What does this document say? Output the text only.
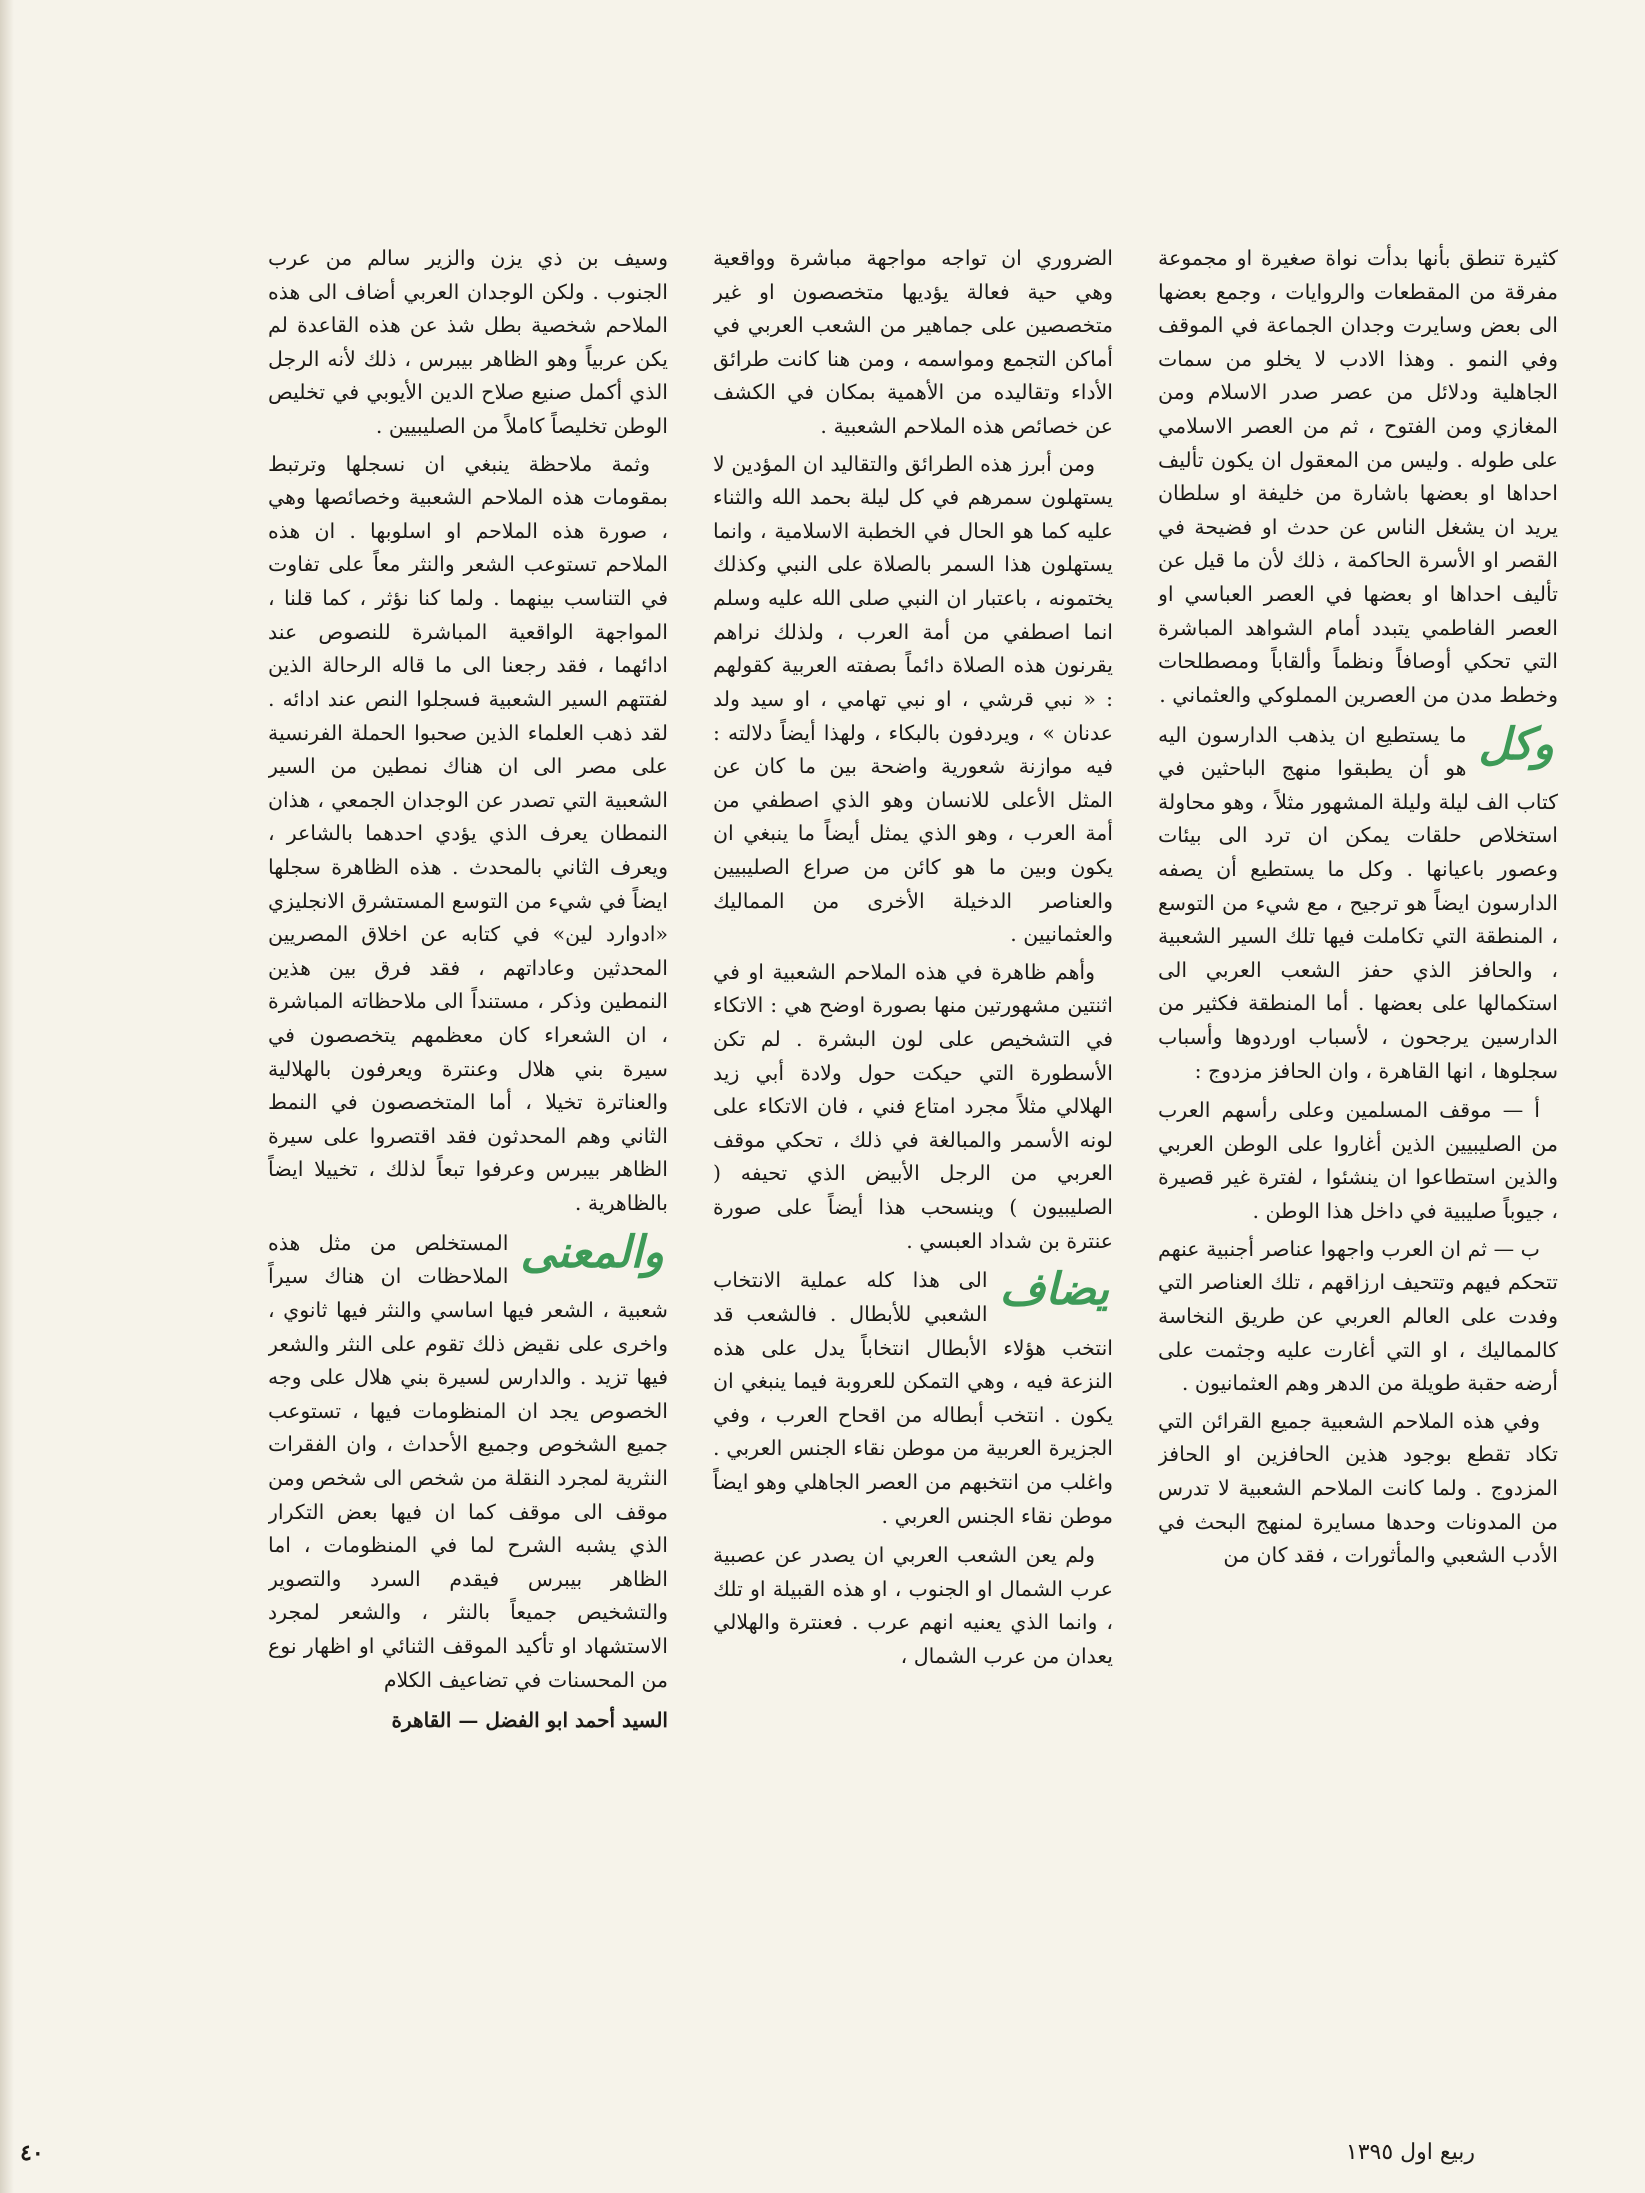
كثيرة تنطق بأنها بدأت نواة صغيرة او مجموعة مفرقة من المقطعات والروايات ، وجمع بعضها الى بعض وسايرت وجدان الجماعة في الموقف وفي النمو . وهذا الادب لا يخلو من سمات الجاهلية ودلائل من عصر صدر الاسلام ومن المغازي ومن الفتوح ، ثم من العصر الاسلامي على طوله . وليس من المعقول ان يكون تأليف احداها او بعضها باشارة من خليفة او سلطان يريد ان يشغل الناس عن حدث او فضيحة في القصر او الأسرة الحاكمة ، ذلك لأن ما قيل عن تأليف احداها او بعضها في العصر العباسي او العصر الفاطمي يتبدد أمام الشواهد المباشرة التي تحكي أوصافاً ونظماً وألقاباً ومصطلحات وخطط مدن من العصرين المملوكي والعثماني .

وكل
ما يستطيع ان يذهب الدارسون اليه هو أن يطبقوا منهج الباحثين في كتاب الف ليلة وليلة المشهور مثلاً ، وهو محاولة استخلاص حلقات يمكن ان ترد الى بيئات وعصور باعيانها . وكل ما يستطيع أن يصفه الدارسون ايضاً هو ترجيح ، مع شيء من التوسع ، المنطقة التي تكاملت فيها تلك السير الشعبية ، والحافز الذي حفز الشعب العربي الى استكمالها على بعضها . أما المنطقة فكثير من الدارسين يرجحون ، لأسباب اوردوها وأسباب سجلوها ، انها القاهرة ، وان الحافز مزدوج :

أ — موقف المسلمين وعلى رأسهم العرب من الصليبيين الذين أغاروا على الوطن العربي والذين استطاعوا ان ينشئوا ، لفترة غير قصيرة ، جيوباً صليبية في داخل هذا الوطن .

ب — ثم ان العرب واجهوا عناصر أجنبية عنهم تتحكم فيهم وتتحيف ارزاقهم ، تلك العناصر التي وفدت على العالم العربي عن طريق النخاسة كالمماليك ، او التي أغارت عليه وجثمت على أرضه حقبة طويلة من الدهر وهم العثمانيون .

وفي هذه الملاحم الشعبية جميع القرائن التي تكاد تقطع بوجود هذين الحافزين او الحافز المزدوج . ولما كانت الملاحم الشعبية لا تدرس من المدونات وحدها مسايرة لمنهج البحث في الأدب الشعبي والمأثورات ، فقد كان من

الضروري ان تواجه مواجهة مباشرة وواقعية وهي حية فعالة يؤديها متخصصون او غير متخصصين على جماهير من الشعب العربي في أماكن التجمع ومواسمه ، ومن هنا كانت طرائق الأداء وتقاليده من الأهمية بمكان في الكشف عن خصائص هذه الملاحم الشعبية .

ومن أبرز هذه الطرائق والتقاليد ان المؤدين لا يستهلون سمرهم في كل ليلة بحمد الله والثناء عليه كما هو الحال في الخطبة الاسلامية ، وانما يستهلون هذا السمر بالصلاة على النبي وكذلك يختمونه ، باعتبار ان النبي صلى الله عليه وسلم انما اصطفي من أمة العرب ، ولذلك نراهم يقرنون هذه الصلاة دائماً بصفته العربية كقولهم : « نبي قرشي ، او نبي تهامي ، او سيد ولد عدنان » ، ويردفون بالبكاء ، ولهذا أيضاً دلالته : فيه موازنة شعورية واضحة بين ما كان عن المثل الأعلى للانسان وهو الذي اصطفي من أمة العرب ، وهو الذي يمثل أيضاً ما ينبغي ان يكون وبين ما هو كائن من صراع الصليبيين والعناصر الدخيلة الأخرى من المماليك والعثمانيين .

وأهم ظاهرة في هذه الملاحم الشعبية او في اثنتين مشهورتين منها بصورة اوضح هي : الاتكاء في التشخيص على لون البشرة . لم تكن الأسطورة التي حيكت حول ولادة أبي زيد الهلالي مثلاً مجرد امتاع فني ، فان الاتكاء على لونه الأسمر والمبالغة في ذلك ، تحكي موقف العربي من الرجل الأبيض الذي تحيفه ( الصليبيون ) وينسحب هذا أيضاً على صورة عنترة بن شداد العبسي .

يضاف
الى هذا كله عملية الانتخاب الشعبي للأبطال . فالشعب قد انتخب هؤلاء الأبطال انتخاباً يدل على هذه النزعة فيه ، وهي التمكن للعروبة فيما ينبغي ان يكون . انتخب أبطاله من اقحاح العرب ، وفي الجزيرة العربية من موطن نقاء الجنس العربي . واغلب من انتخبهم من العصر الجاهلي وهو ايضاً موطن نقاء الجنس العربي .

ولم يعن الشعب العربي ان يصدر عن عصبية عرب الشمال او الجنوب ، او هذه القبيلة او تلك ، وانما الذي يعنيه انهم عرب . فعنترة والهلالي يعدان من عرب الشمال ،

وسيف بن ذي يزن والزير سالم من عرب الجنوب . ولكن الوجدان العربي أضاف الى هذه الملاحم شخصية بطل شذ عن هذه القاعدة لم يكن عربياً وهو الظاهر بيبرس ، ذلك لأنه الرجل الذي أكمل صنيع صلاح الدين الأيوبي في تخليص الوطن تخليصاً كاملاً من الصليبيين .

وثمة ملاحظة ينبغي ان نسجلها وترتبط بمقومات هذه الملاحم الشعبية وخصائصها وهي ، صورة هذه الملاحم او اسلوبها . ان هذه الملاحم تستوعب الشعر والنثر معاً على تفاوت في التناسب بينهما . ولما كنا نؤثر ، كما قلنا ، المواجهة الواقعية المباشرة للنصوص عند ادائهما ، فقد رجعنا الى ما قاله الرحالة الذين لفتتهم السير الشعبية فسجلوا النص عند ادائه . لقد ذهب العلماء الذين صحبوا الحملة الفرنسية على مصر الى ان هناك نمطين من السير الشعبية التي تصدر عن الوجدان الجمعي ، هذان النمطان يعرف الذي يؤدي احدهما بالشاعر ، ويعرف الثاني بالمحدث . هذه الظاهرة سجلها ايضاً في شيء من التوسع المستشرق الانجليزي «ادوارد لين» في كتابه عن اخلاق المصريين المحدثين وعاداتهم ، فقد فرق بين هذين النمطين وذكر ، مستنداً الى ملاحظاته المباشرة ، ان الشعراء كان معظمهم يتخصصون في سيرة بني هلال وعنترة ويعرفون بالهلالية والعناترة تخيلا ، أما المتخصصون في النمط الثاني وهم المحدثون فقد اقتصروا على سيرة الظاهر بيبرس وعرفوا تبعاً لذلك ، تخييلا ايضاً بالظاهرية .

والمعنى
المستخلص من مثل هذه الملاحظات ان هناك سيراً شعبية ، الشعر فيها اساسي والنثر فيها ثانوي ، واخرى على نقيض ذلك تقوم على النثر والشعر فيها تزيد . والدارس لسيرة بني هلال على وجه الخصوص يجد ان المنظومات فيها ، تستوعب جميع الشخوص وجميع الأحداث ، وان الفقرات النثرية لمجرد النقلة من شخص الى شخص ومن موقف الى موقف كما ان فيها بعض التكرار الذي يشبه الشرح لما في المنظومات ، اما الظاهر بيبرس فيقدم السرد والتصوير والتشخيص جميعاً بالنثر ، والشعر لمجرد الاستشهاد او تأكيد الموقف الثنائي او اظهار نوع من المحسنات في تضاعيف الكلام

السيد أحمد ابو الفضل — القاهرة

٤٠	ربيع اول ١٣٩٥
